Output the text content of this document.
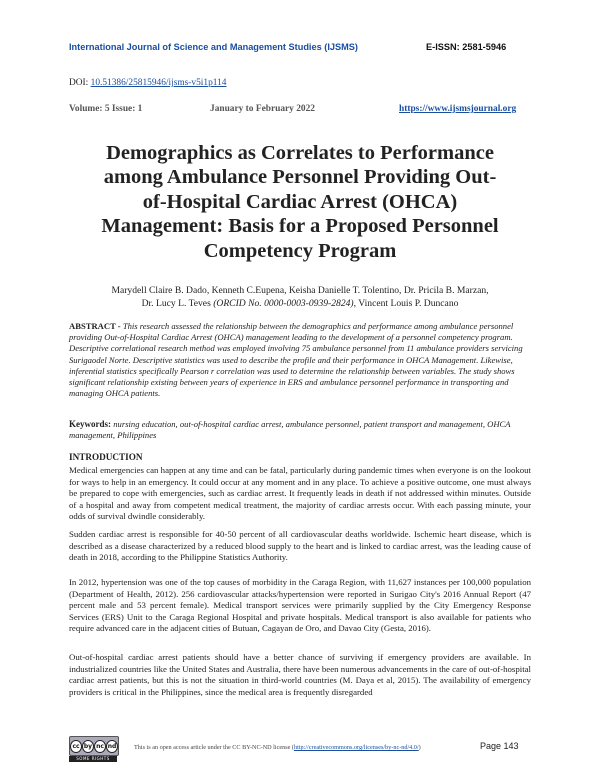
International Journal of Science and Management Studies (IJSMS)	E-ISSN: 2581-5946
DOI: 10.51386/25815946/ijsms-v5i1p114
Volume: 5 Issue: 1	January to February 2022	https://www.ijsmsjournal.org
Demographics as Correlates to Performance
among Ambulance Personnel Providing Out-
of-Hospital Cardiac Arrest (OHCA)
Management: Basis for a Proposed Personnel
Competency Program
Marydell Claire B. Dado, Kenneth C.Eupena, Keisha Danielle T. Tolentino, Dr. Pricila B. Marzan,
Dr. Lucy L. Teves (ORCID No. 0000-0003-0939-2824), Vincent Louis P. Duncano
ABSTRACT - This research assessed the relationship between the demographics and performance among ambulance personnel providing Out-of-Hospital Cardiac Arrest (OHCA) management leading to the development of a personnel competency program. Descriptive correlational research method was employed involving 75 ambulance personnel from 11 ambulance providers servicing Surigaodel Norte. Descriptive statistics was used to describe the profile and their performance in OHCA Management. Likewise, inferential statistics specifically Pearson r correlation was used to determine the relationship between variables. The study shows significant relationship existing between years of experience in ERS and ambulance personnel performance in transporting and managing OHCA patients.
Keywords: nursing education, out-of-hospital cardiac arrest, ambulance personnel, patient transport and management, OHCA management, Philippines
INTRODUCTION
Medical emergencies can happen at any time and can be fatal, particularly during pandemic times when everyone is on the lookout for ways to help in an emergency. It could occur at any moment and in any place. To achieve a positive outcome, one must always be prepared to cope with emergencies, such as cardiac arrest. It frequently leads in death if not addressed within minutes. Outside of a hospital and away from competent medical treatment, the majority of cardiac arrests occur. With each passing minute, your odds of survival dwindle considerably.
Sudden cardiac arrest is responsible for 40-50 percent of all cardiovascular deaths worldwide. Ischemic heart disease, which is described as a disease characterized by a reduced blood supply to the heart and is linked to cardiac arrest, was the leading cause of death in 2018, according to the Philippine Statistics Authority.
In 2012, hypertension was one of the top causes of morbidity in the Caraga Region, with 11,627 instances per 100,000 population (Department of Health, 2012). 256 cardiovascular attacks/hypertension were reported in Surigao City's 2016 Annual Report (47 percent male and 53 percent female). Medical transport services were primarily supplied by the City Emergency Response Services (ERS) Unit to the Caraga Regional Hospital and private hospitals. Medical transport is also available for patients who require advanced care in the adjacent cities of Butuan, Cagayan de Oro, and Davao City (Gesta, 2016).
Out-of-hospital cardiac arrest patients should have a better chance of surviving if emergency providers are available. In industrialized countries like the United States and Australia, there have been numerous advancements in the care of out-of-hospital cardiac arrest patients, but this is not the situation in third-world countries (M. Daya et al, 2015). The availability of emergency providers is critical in the Philippines, since the medical area is frequently disregarded
cc by nc nd
SOME RIGHTS
This is an open access article under the CC BY-NC-ND license (http://creativecommons.org/licenses/by-nc-nd/4.0/)	Page 143
